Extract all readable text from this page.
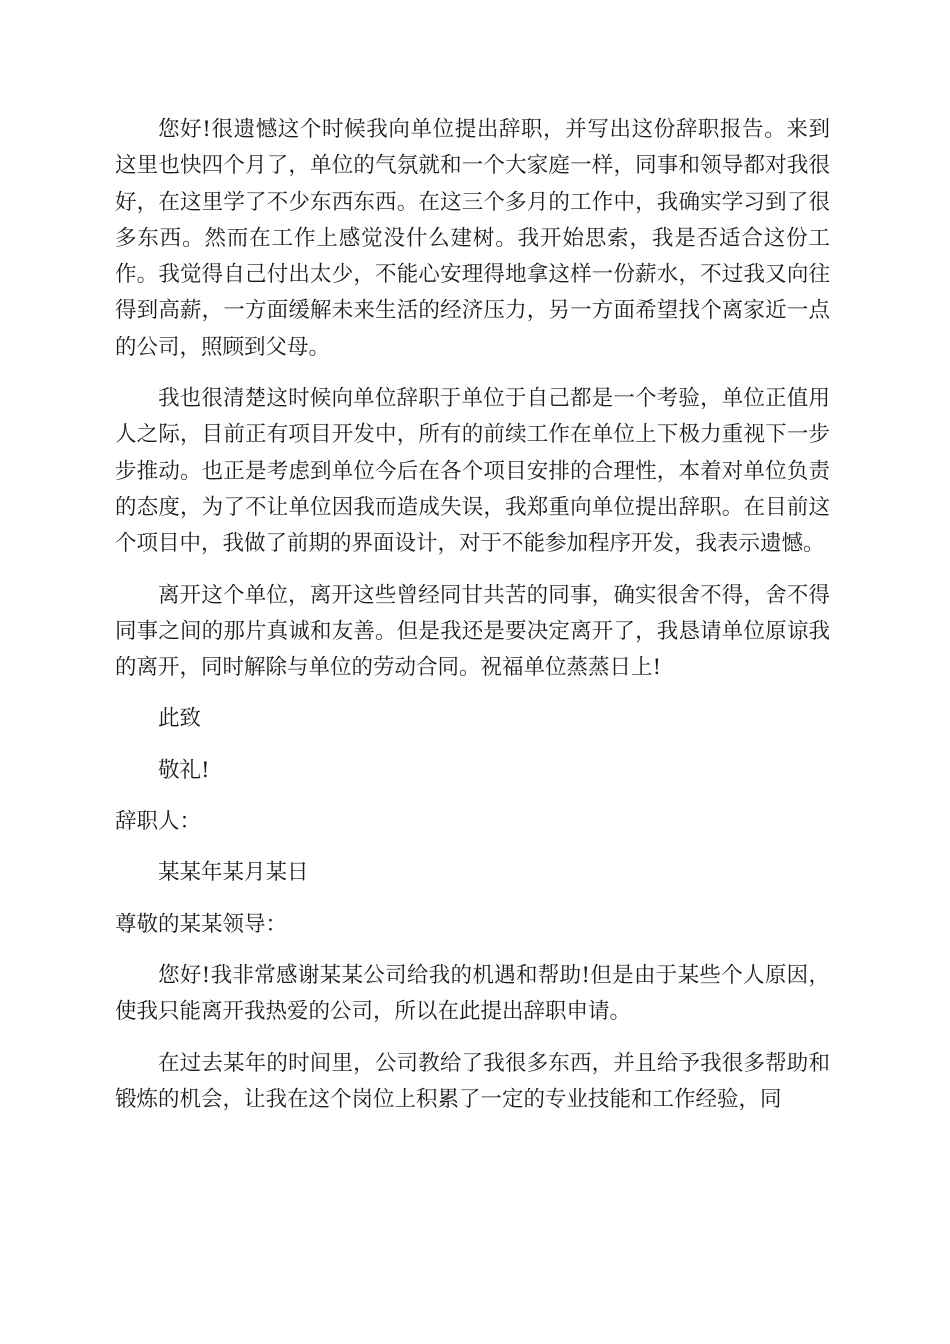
您好!很遗憾这个时候我向单位提出辞职，并写出这份辞职报告。来到这里也快四个月了，单位的气氛就和一个大家庭一样，同事和领导都对我很好，在这里学了不少东西东西。在这三个多月的工作中，我确实学习到了很多东西。然而在工作上感觉没什么建树。我开始思索，我是否适合这份工作。我觉得自己付出太少，不能心安理得地拿这样一份薪水，不过我又向往得到高薪，一方面缓解未来生活的经济压力，另一方面希望找个离家近一点的公司，照顾到父母。

我也很清楚这时候向单位辞职于单位于自己都是一个考验，单位正值用人之际，目前正有项目开发中，所有的前续工作在单位上下极力重视下一步步推动。也正是考虑到单位今后在各个项目安排的合理性，本着对单位负责的态度，为了不让单位因我而造成失误，我郑重向单位提出辞职。在目前这个项目中，我做了前期的界面设计，对于不能参加程序开发，我表示遗憾。

离开这个单位，离开这些曾经同甘共苦的同事，确实很舍不得，舍不得同事之间的那片真诚和友善。但是我还是要决定离开了，我恳请单位原谅我的离开，同时解除与单位的劳动合同。祝福单位蒸蒸日上!

此致

敬礼!

辞职人：

某某年某月某日

尊敬的某某领导：

您好!我非常感谢某某公司给我的机遇和帮助!但是由于某些个人原因，使我只能离开我热爱的公司，所以在此提出辞职申请。

在过去某年的时间里，公司教给了我很多东西，并且给予我很多帮助和锻炼的机会，让我在这个岗位上积累了一定的专业技能和工作经验，同
